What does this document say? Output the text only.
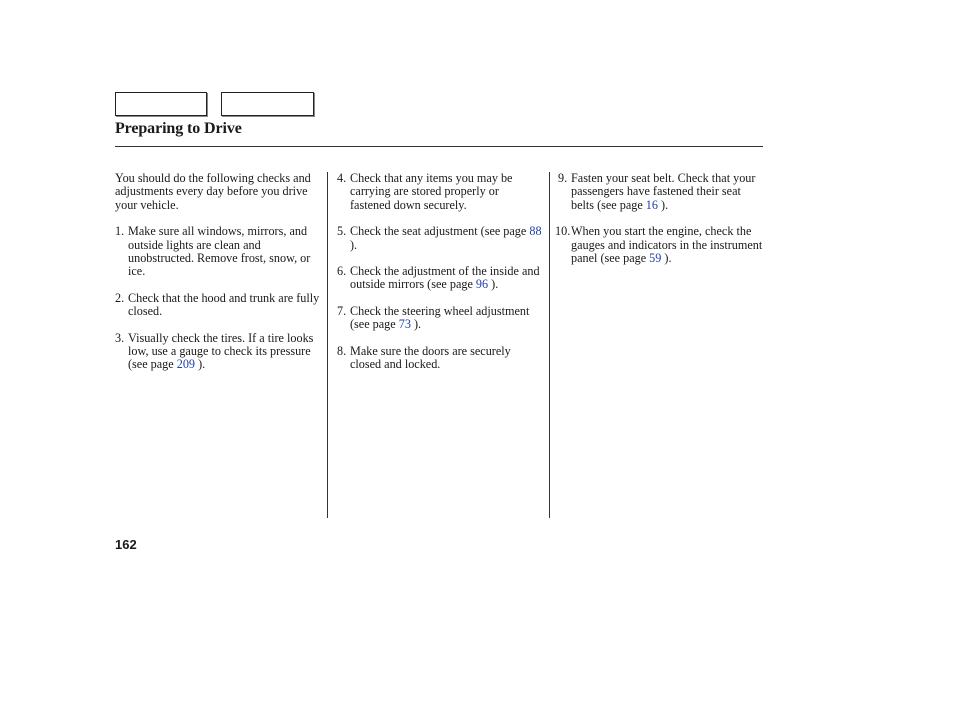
Preparing to Drive

You should do the following checks and adjustments every day before you drive your vehicle.

1. Make sure all windows, mirrors, and outside lights are clean and unobstructed. Remove frost, snow, or ice.
2. Check that the hood and trunk are fully closed.
3. Visually check the tires. If a tire looks low, use a gauge to check its pressure (see page 209 ).
4. Check that any items you may be carrying are stored properly or fastened down securely.
5. Check the seat adjustment (see page 88 ).
6. Check the adjustment of the inside and outside mirrors (see page 96 ).
7. Check the steering wheel adjustment (see page 73 ).
8. Make sure the doors are securely closed and locked.
9. Fasten your seat belt. Check that your passengers have fastened their seat belts (see page 16 ).
10. When you start the engine, check the gauges and indicators in the instrument panel (see page 59 ).
162
